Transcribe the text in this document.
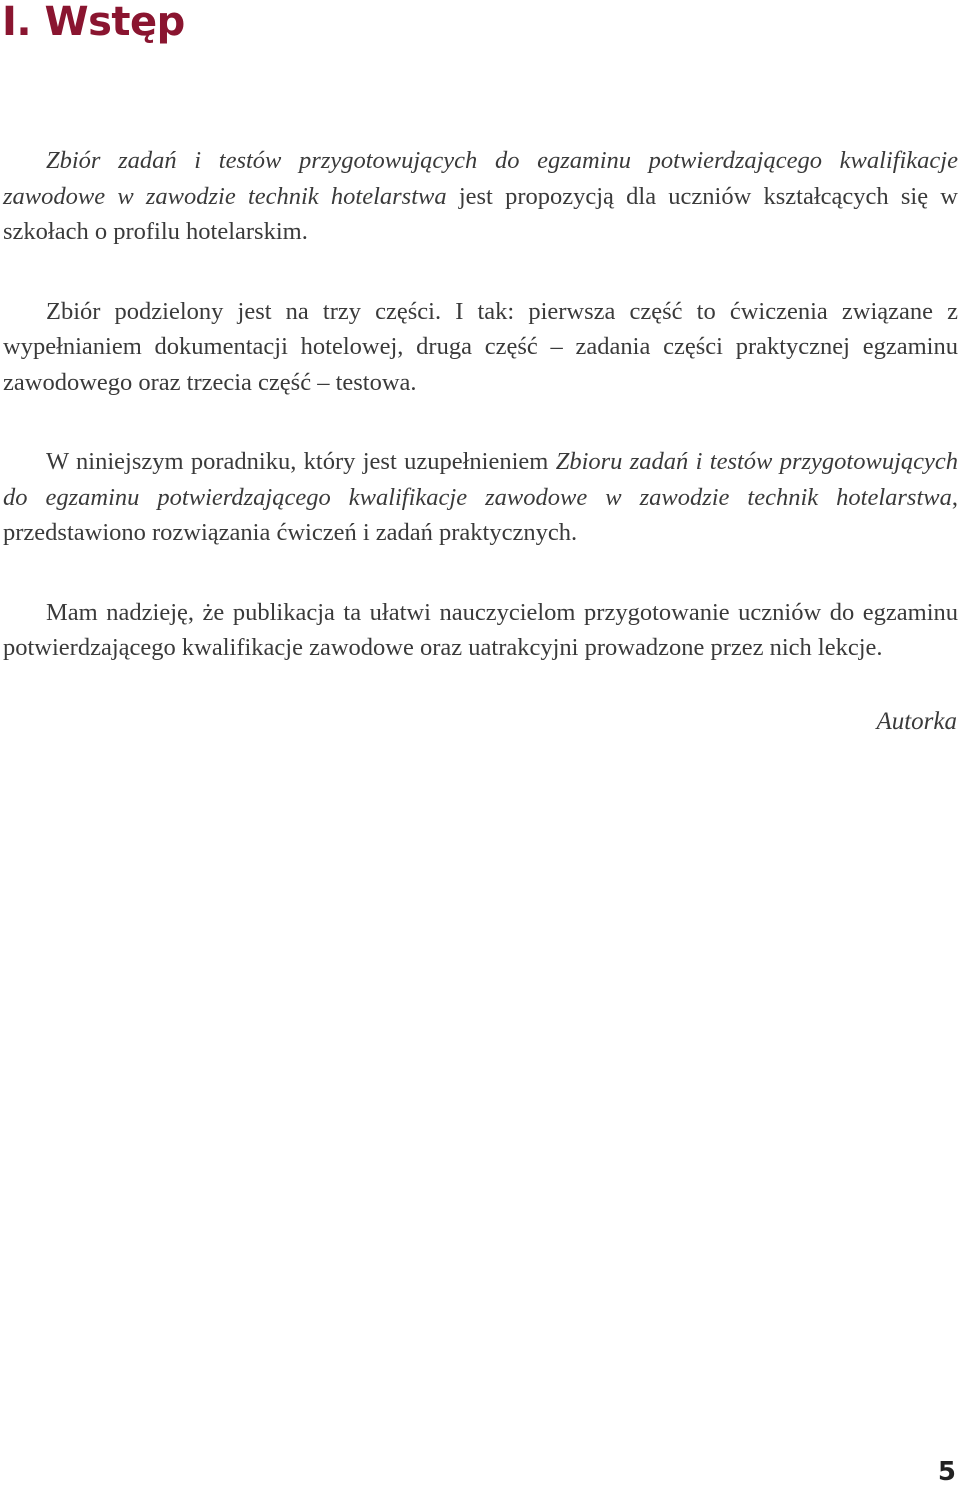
I. Wstęp

Zbiór zadań i testów przygotowujących do egzaminu potwierdzającego kwalifikacje zawodowe w zawodzie technik hotelarstwa jest propozycją dla uczniów kształcących się w szkołach o profilu hotelarskim.

Zbiór podzielony jest na trzy części. I tak: pierwsza część to ćwiczenia związane z wypełnianiem dokumentacji hotelowej, druga część – zadania części praktycznej egzaminu zawodowego oraz trzecia część – testowa.

W niniejszym poradniku, który jest uzupełnieniem Zbioru zadań i testów przygotowujących do egzaminu potwierdzającego kwalifikacje zawodowe w zawodzie technik hotelarstwa, przedstawiono rozwiązania ćwiczeń i zadań praktycznych.

Mam nadzieję, że publikacja ta ułatwi nauczycielom przygotowanie uczniów do egzaminu potwierdzającego kwalifikacje zawodowe oraz uatrakcyjni prowadzone przez nich lekcje.

Autorka

5
